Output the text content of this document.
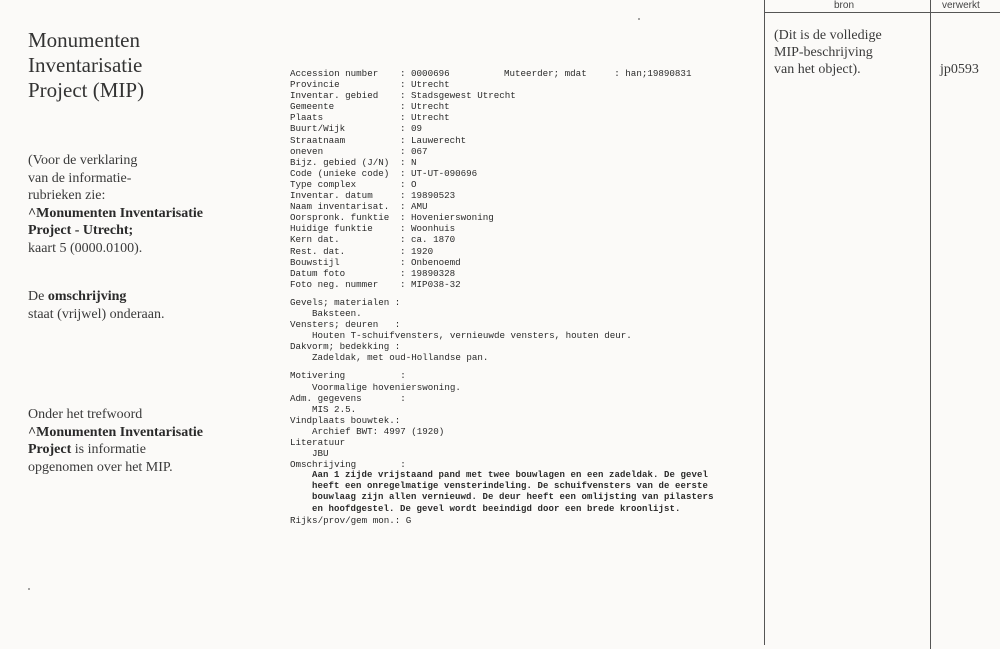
Monumenten
Inventarisatie
Project (MIP)
(Voor de verklaring
van de informatie-
rubrieken zie:
^Monumenten Inventarisatie
Project - Utrecht;
kaart 5 (0000.0100).
De omschrijving
staat (vrijwel) onderaan.
Onder het trefwoord
^Monumenten Inventarisatie
Project is informatie
opgenomen over het MIP.
Accession number : 0000696	Muteerder; mdat     : han;19890831
Provincie	: Utrecht
Inventar. gebied : Stadsgewest Utrecht
Gemeente	: Utrecht
Plaats	: Utrecht
Buurt/Wijk	: 09
Straatnaam	: Lauwerecht
oneven	: 067
Bijz. gebied (J/N) : N
Code (unieke code) : UT-UT-090696
Type complex	: O
Inventar. datum	: 19890523
Naam inventarisat. : AMU
Oorspronk. funktie : Hovenierswoning
Huidige funktie	: Woonhuis
Kern dat.	: ca. 1870
Rest. dat.	: 1920
Bouwstijl	: Onbenoemd
Datum foto	: 19890328
Foto neg. nummer : MIP038-32
Gevels; materialen :
Baksteen.
Vensters; deuren   :
Houten T-schuifvensters, vernieuwde vensters, houten deur.
Dakvorm; bedekking :
Zadeldak, met oud-Hollandse pan.
Motivering          :
Voormalige hovenierswoning.
Adm. gegevens       :
MIS 2.5.
Vindplaats bouwtek.:
Archief BWT: 4997 (1920)
Literatuur
JBU
Omschrijving        :
Aan 1 zijde vrijstaand pand met twee bouwlagen en een zadeldak. De gevel
heeft een onregelmatige vensterindeling. De schuifvensters van de eerste
bouwlaag zijn allen vernieuwd. De deur heeft een omlijsting van pilasters
en hoofdgestel. De gevel wordt beeindigd door een brede kroonlijst.
Rijks/prov/gem mon.: G
bron	verwerkt
(Dit is de volledige
MIP-beschrijving
van het object).	jp0593
